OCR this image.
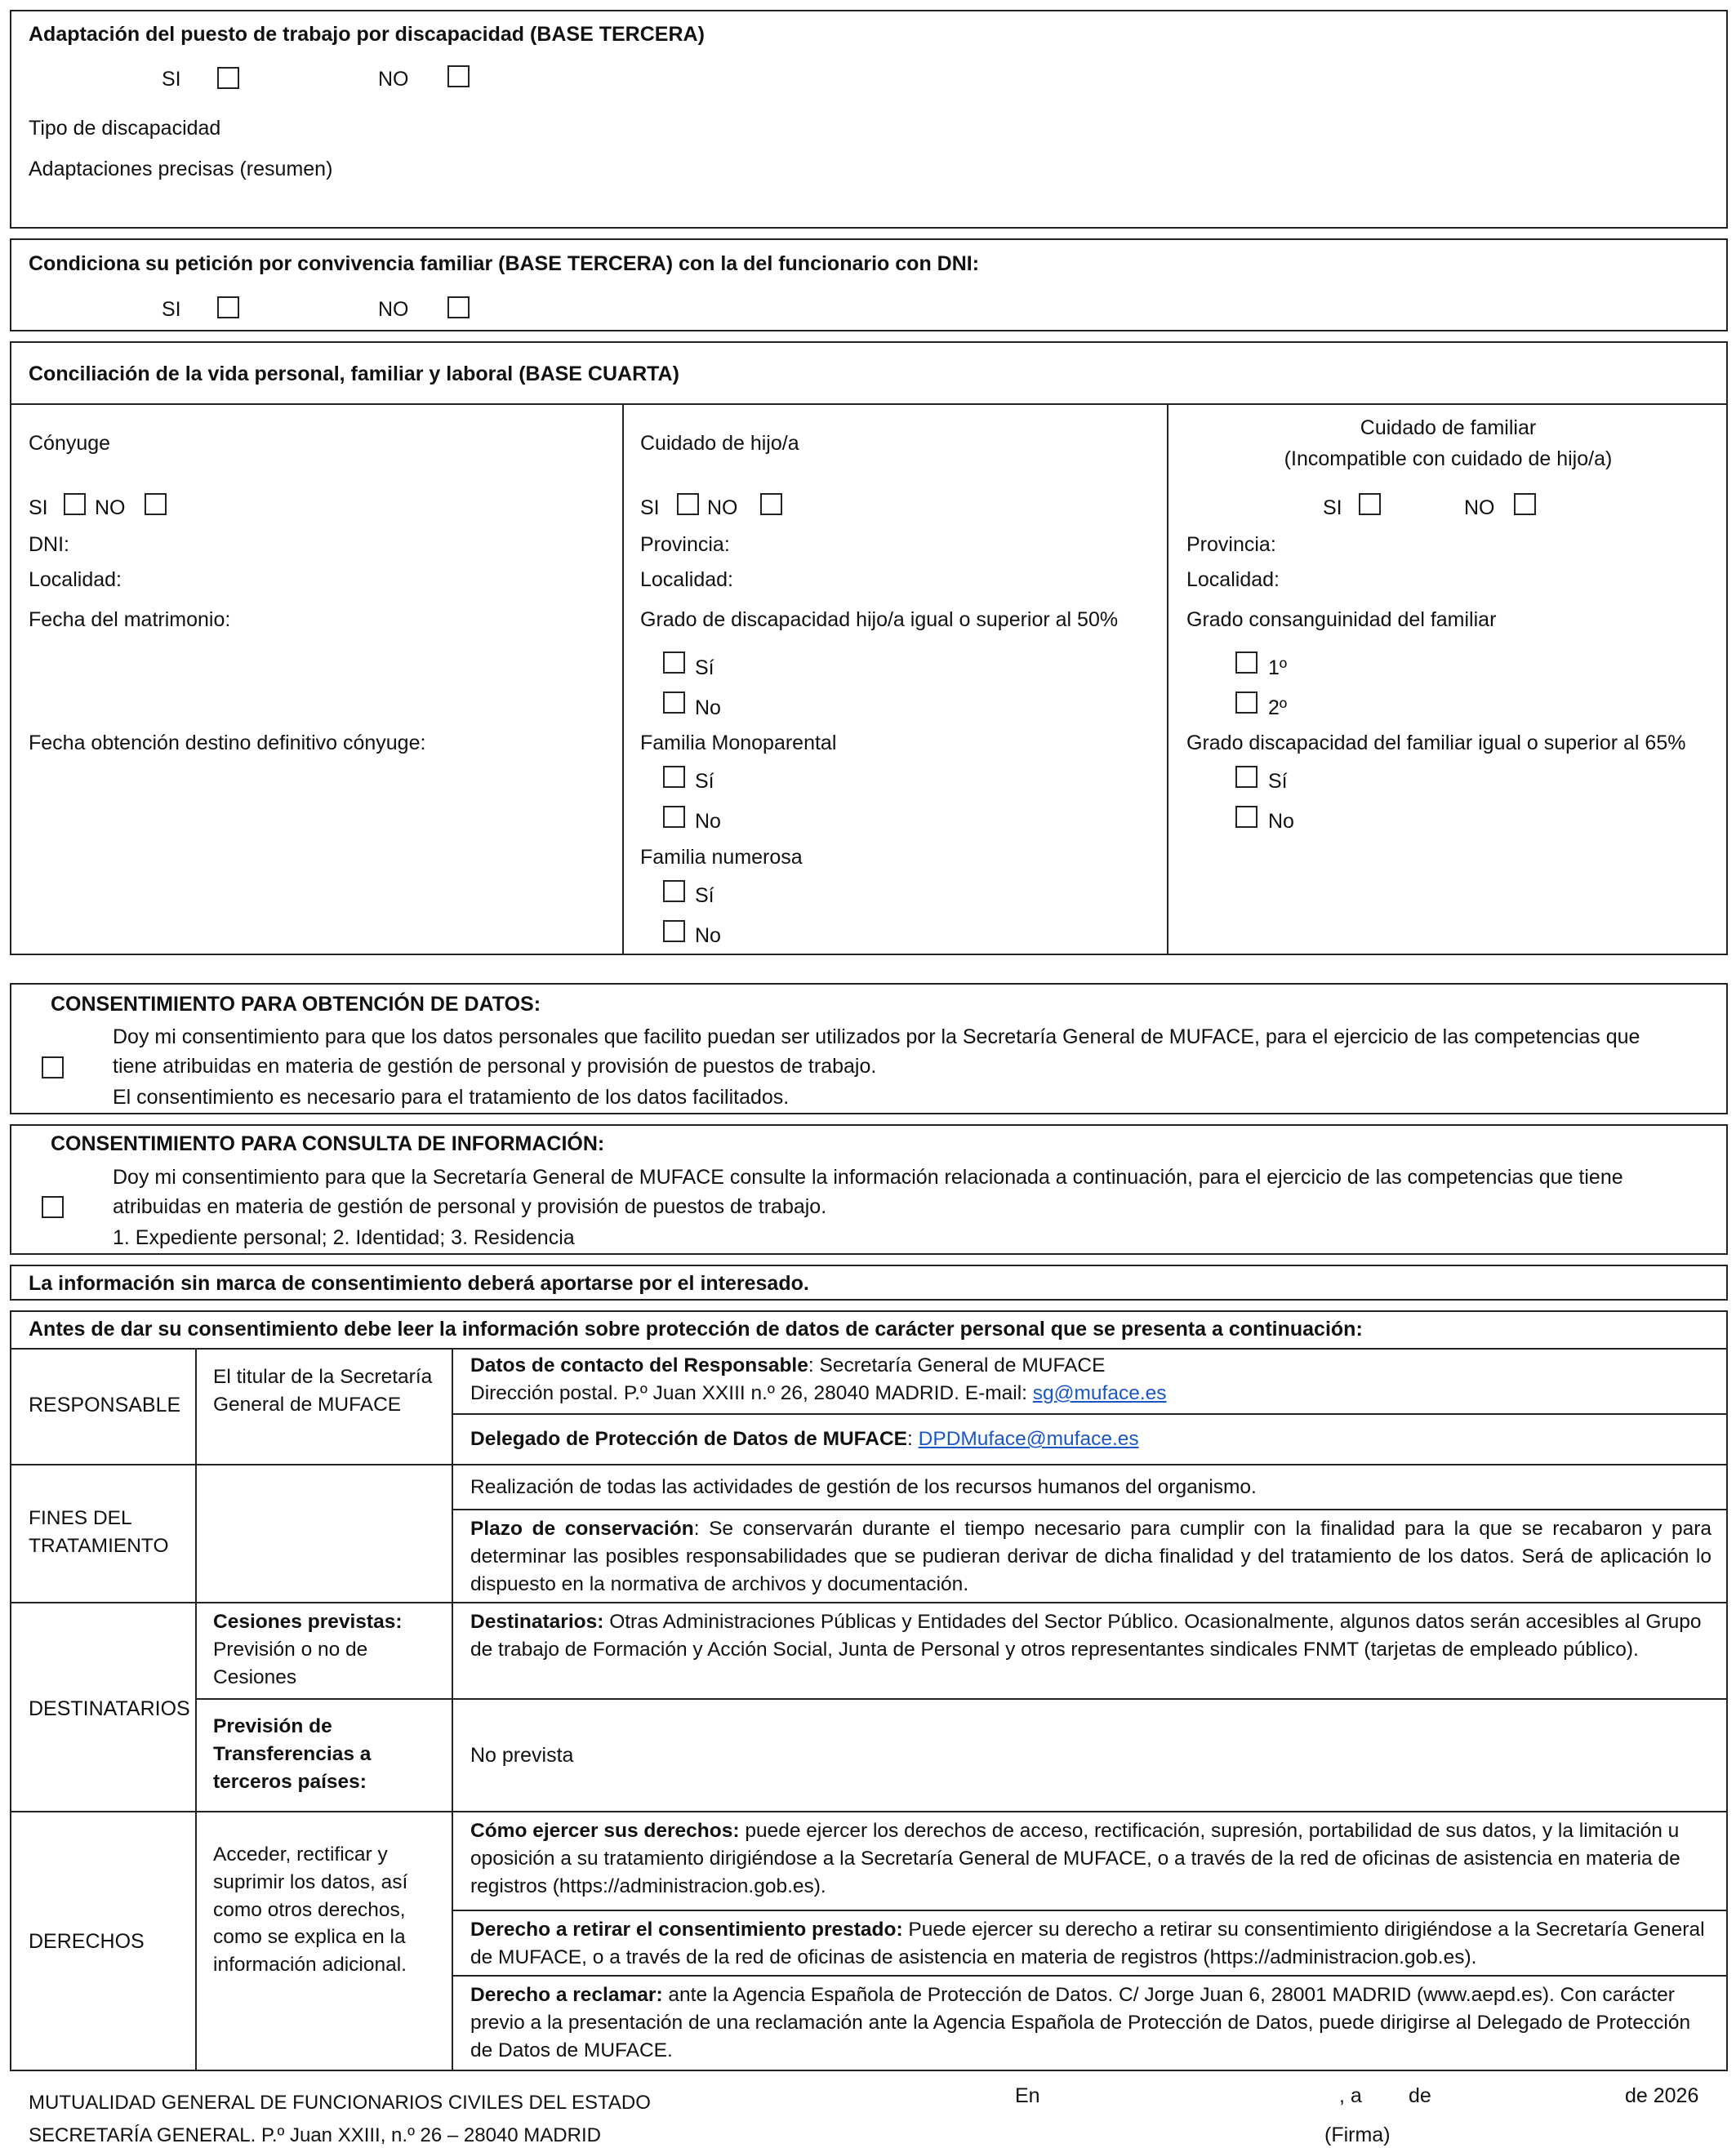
Adaptación del puesto de trabajo por discapacidad (BASE TERCERA)
SI	NO
Tipo de discapacidad
Adaptaciones precisas (resumen)
Condiciona su petición por convivencia familiar (BASE TERCERA) con la del funcionario con DNI:
SI	NO
Conciliación de la vida personal, familiar y laboral (BASE CUARTA)
Cónyuge
SI NO
DNI:
Localidad:
Fecha del matrimonio:
Fecha obtención destino definitivo cónyuge:
Cuidado de hijo/a
SI NO
Provincia:
Localidad:
Grado de discapacidad hijo/a igual o superior al 50%
Sí
No
Familia Monoparental
Sí
No
Familia numerosa
Sí
No
Cuidado de familiar
(Incompatible con cuidado de hijo/a)
SI	NO
Provincia:
Localidad:
Grado consanguinidad del familiar
1º
2º
Grado discapacidad del familiar igual o superior al 65%
Sí
No
CONSENTIMIENTO PARA OBTENCIÓN DE DATOS:
Doy mi consentimiento para que los datos personales que facilito puedan ser utilizados por la Secretaría General de MUFACE, para el ejercicio de las competencias que
tiene atribuidas en materia de gestión de personal y provisión de puestos de trabajo.
El consentimiento es necesario para el tratamiento de los datos facilitados.
CONSENTIMIENTO PARA CONSULTA DE INFORMACIÓN:
Doy mi consentimiento para que la Secretaría General de MUFACE consulte la información relacionada a continuación, para el ejercicio de las competencias que tiene
atribuidas en materia de gestión de personal y provisión de puestos de trabajo.
1. Expediente personal; 2. Identidad; 3. Residencia
La información sin marca de consentimiento deberá aportarse por el interesado.
Antes de dar su consentimiento debe leer la información sobre protección de datos de carácter personal que se presenta a continuación:
RESPONSABLE
El titular de la Secretaría General de MUFACE
Datos de contacto del Responsable: Secretaría General de MUFACE
Dirección postal. P.º Juan XXIII n.º 26, 28040 MADRID. E-mail: sg@muface.es
Delegado de Protección de Datos de MUFACE: DPDMuface@muface.es
FINES DEL TRATAMIENTO
Realización de todas las actividades de gestión de los recursos humanos del organismo.
Plazo de conservación: Se conservarán durante el tiempo necesario para cumplir con la finalidad para la que se recabaron y para determinar las posibles responsabilidades que se pudieran derivar de dicha finalidad y del tratamiento de los datos. Será de aplicación lo dispuesto en la normativa de archivos y documentación.
DESTINATARIOS
Cesiones previstas:
Previsión o no de Cesiones
Destinatarios: Otras Administraciones Públicas y Entidades del Sector Público. Ocasionalmente, algunos datos serán accesibles al Grupo de trabajo de Formación y Acción Social, Junta de Personal y otros representantes sindicales FNMT (tarjetas de empleado público).
Previsión de Transferencias a terceros países:
No prevista
DERECHOS
Acceder, rectificar y suprimir los datos, así como otros derechos, como se explica en la información adicional.
Cómo ejercer sus derechos: puede ejercer los derechos de acceso, rectificación, supresión, portabilidad de sus datos, y la limitación u oposición a su tratamiento dirigiéndose a la Secretaría General de MUFACE, o a través de la red de oficinas de asistencia en materia de registros (https://administracion.gob.es).
Derecho a retirar el consentimiento prestado: Puede ejercer su derecho a retirar su consentimiento dirigiéndose a la Secretaría General de MUFACE, o a través de la red de oficinas de asistencia en materia de registros (https://administracion.gob.es).
Derecho a reclamar: ante la Agencia Española de Protección de Datos. C/ Jorge Juan 6, 28001 MADRID (www.aepd.es). Con carácter previo a la presentación de una reclamación ante la Agencia Española de Protección de Datos, puede dirigirse al Delegado de Protección de Datos de MUFACE.
MUTUALIDAD GENERAL DE FUNCIONARIOS CIVILES DEL ESTADO
SECRETARÍA GENERAL. P.º Juan XXIII, n.º 26 – 28040 MADRID
En	, a de	de 2026
(Firma)
